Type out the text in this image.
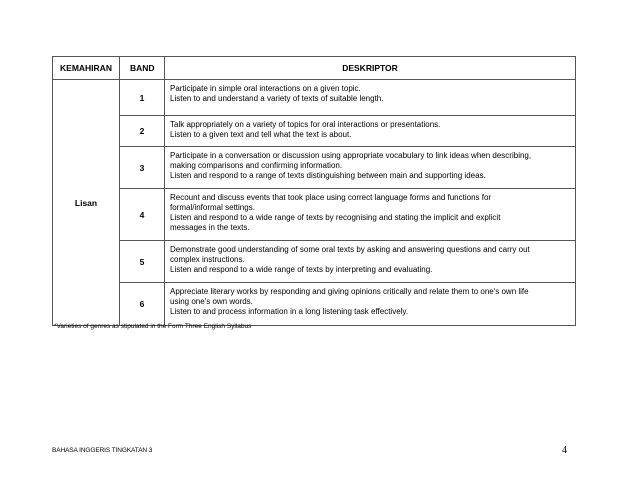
KEMAHIRAN	BAND	DESKRIPTOR
Lisan	1	Participate in simple oral interactions on a given topic.
Listen to and understand a variety of texts of suitable length.

	2	Talk appropriately on a variety of topics for oral interactions or presentations.
Listen to a given text and tell what the text is about.

	3	Participate in a conversation or discussion using appropriate vocabulary to link ideas when describing,
making comparisons and confirming information.
Listen and respond to a range of texts distinguishing between main and supporting ideas.

	4	Recount and discuss events that took place using correct language forms and functions for
formal/informal settings.
Listen and respond to a wide range of texts by recognising and stating the implicit and explicit
messages in the texts.

	5	Demonstrate good understanding of some oral texts by asking and answering questions and carry out
complex instructions.
Listen and respond to a wide range of texts by interpreting and evaluating.

	6	Appreciate literary works by responding and giving opinions critically and relate them to one's own life
using one's own words.
Listen to and process information in a long listening task effectively.
*Varieties of genres as stipulated in the Form Three English Syllabus
BAHASA INGGERIS TINGKATAN 3	4
